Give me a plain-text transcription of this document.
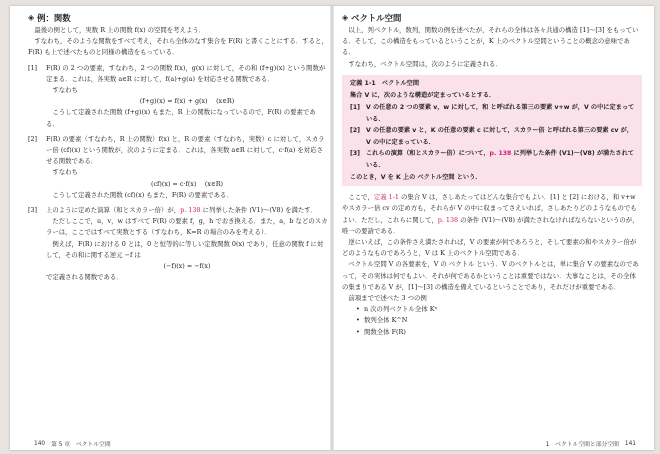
◈ 例：関数

最後の例として，実数 R 上の関数 f(x) の空間を考えよう．

すなわち，そのような関数をすべて考え，それら全体のなす集合を F(R) と書くことにする．すると，F(R) も上で述べたものと同様の構造をもっている．

[1]	F(R) の 2 つの要素，すなわち，2 つの関数 f(x)，g(x) に対して，その和 (f+g)(x) という関数が定まる．これは，各実数 a∈R に対して，f(a)+g(a) を対応させる関数である．

すなわち

(f+g)(x) = f(x) + g(x)　 (x∈R)

こうして定義された関数 (f+g)(x) もまた，R 上の関数になっているので，F(R) の要素である．

[2]	F(R) の要素（すなわち，R 上の関数）f(x) と，R の要素（すなわち，実数）c に対して，スカラー倍 (cf)(x) という関数が，次のように定まる．これは，各実数 a∈R に対して，c·f(a) を対応させる関数である．

すなわち

(cf)(x) = c·f(x)　 (x∈R)

こうして定義された関数 (cf)(x) もまた，F(R) の要素である．

[3]	上のように定めた演算（和とスカラー倍）が，p. 138 に列挙した条件 (V1)～(V8) を満たす．

ただしここで，u，v，w はすべて F(R) の要素 f，g，h でおき換える．また，a，b などのスカラーは，ここではすべて実数とする（すなわち，K=R の場合のみを考える）．

例えば，F(R) における 0 とは，0 と恒等的に等しい定数関数 0(x) であり，任意の関数 f に対して，その和に関する逆元 −f は

(−f)(x) = −f(x)

で定義される関数である．

140 第 5 章　ベクトル空間
◈ ベクトル空間

以上，列ベクトル，数列，関数の例を述べたが，それらの全体は各々共通の構造 [1]～[3] をもっている．そして，この構造をもっているということが，K 上のベクトル空間ということの概念の意味である．

すなわち，ベクトル空間は，次のように定義される．

定義 1-1　ベクトル空間
集合 V に，次のような構造が定まっているとする．
[1] V の任意の 2 つの要素 v，w に対して，和 と呼ばれる第三の要素 v+w が，V の中に定まっている．
[2] V の任意の要素 v と，K の任意の要素 c に対して，スカラー倍 と呼ばれる第三の要素 cv が，V の中に定まっている．
[3] これらの演算（和とスカラー倍）について，p. 138 に列挙した条件 (V1)～(V8) が満たされている．
このとき，V を K 上の ベクトル空間 という．

ここで，定義 1-1 の集合 V は，さしあたってはどんな集合でもよい．[1] と [2] における，和 v+w やスカラー倍 cv の定め方も，それらが V の中に収まってさえいれば，さしあたりどのようなものでもよい．ただし，これらに関して，p. 138 の条件 (V1)～(V8) が満たされなければならないというのが，唯一の要請である．

逆にいえば，この条件さえ満たされれば，V の要素が何であろうと，そして要素の和やスカラー倍がどのようなものであろうと，V は K 上のベクトル空間である．

ベクトル空間 V の各要素を，V の ベクトル という．V のベクトルとは，単に集合 V の要素なのであって，その実体は何でもよい．それが何であるかということは重要ではない．大事なことは，その全体の集まりである V が，[1]～[3] の構造を備えているということであり，それだけが重要である．

前項までで述べた 3 つの例

• n 次の列ベクトル全体 Kⁿ
• 数列全体 K^N
• 関数全体 F(R)
1　ベクトル空間と部分空間 141
